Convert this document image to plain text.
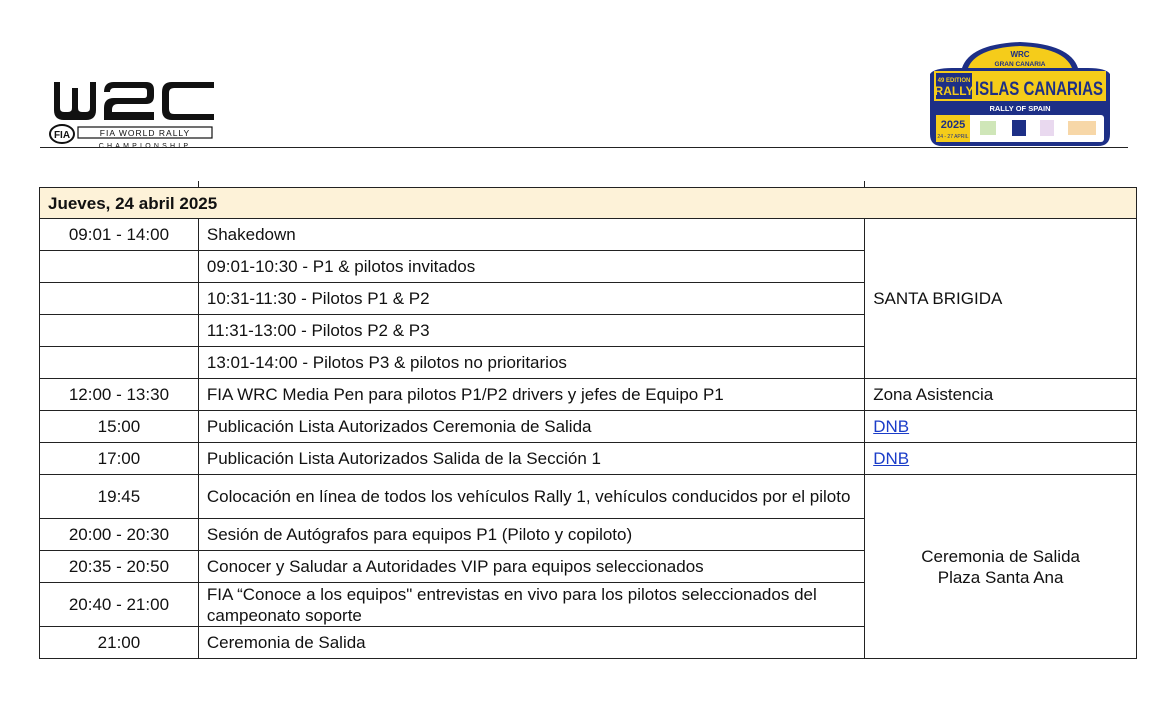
FIA	FIA WORLD RALLY
CHAMPIONSHIP
WRC
GRAN CANARIA
49 EDITION
RALLY ISLAS CANARIAS
RALLY OF SPAIN
2025
24 - 27 APRIL
Jueves, 24 abril 2025		
09:01 - 14:00	Shakedown	SANTA BRIGIDA
	09:01-10:30 - P1 & pilotos invitados	
	10:31-11:30 - Pilotos P1 & P2	
	11:31-13:00 - Pilotos P2 & P3	
	13:01-14:00 - Pilotos P3 & pilotos no prioritarios	
12:00 - 13:30	FIA WRC Media Pen para pilotos P1/P2 drivers y jefes de Equipo P1	Zona Asistencia
15:00	Publicación Lista Autorizados Ceremonia de Salida	DNB
17:00	Publicación Lista Autorizados Salida de la Sección 1	DNB
19:45	Colocación en línea de todos los vehículos Rally 1, vehículos conducidos por el piloto	Ceremonia de Salida
Plaza Santa Ana

20:00 - 20:30	Sesión de Autógrafos para equipos P1 (Piloto y copiloto)	
20:35 - 20:50	Conocer y Saludar a Autoridades VIP para equipos seleccionados	
20:40 - 21:00	FIA “Conoce a los equipos" entrevistas en vivo para los pilotos seleccionados del campeonato soporte	
21:00	Ceremonia de Salida	
